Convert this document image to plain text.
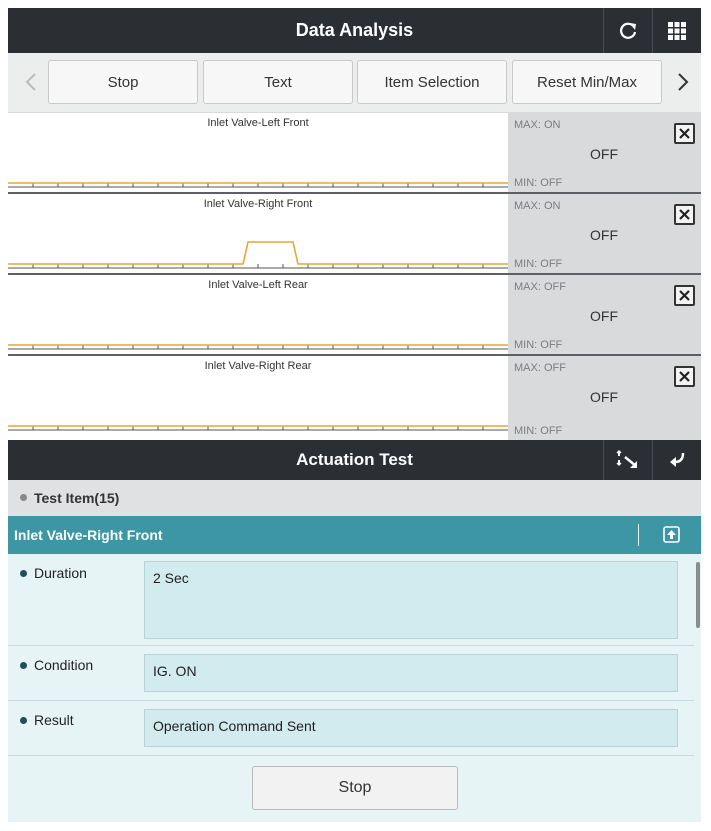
Data Analysis
Stop	Text	Item Selection	Reset Min/Max
Inlet Valve-Left Front	MAX: ON
OFF
MIN: OFF
Inlet Valve-Right Front	MAX: ON
OFF
MIN: OFF
Inlet Valve-Left Rear	MAX: OFF
OFF
MIN: OFF
Inlet Valve-Right Rear	MAX: OFF
OFF
MIN: OFF
Actuation Test
Test Item(15)
Inlet Valve-Right Front
Duration	2 Sec
Condition	IG. ON
Result	Operation Command Sent
Stop
